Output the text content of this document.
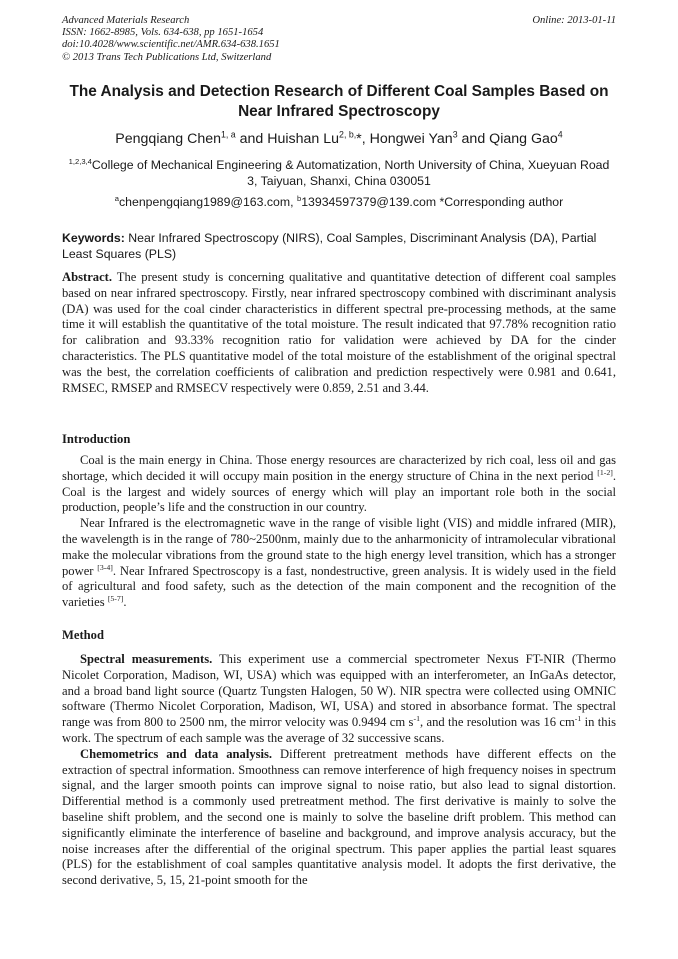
Advanced Materials Research
ISSN: 1662-8985, Vols. 634-638, pp 1651-1654
doi:10.4028/www.scientific.net/AMR.634-638.1651
© 2013 Trans Tech Publications Ltd, Switzerland
Online: 2013-01-11
The Analysis and Detection Research of Different Coal Samples Based on Near Infrared Spectroscopy
Pengqiang Chen$^{1, a}$ and Huishan $Lu^{2, b,}*$, Hongwei Yan$^3$ and Qiang Gao$^4$
$^{1,2,3,4}$College of Mechanical Engineering & Automatization, North University of China, Xueyuan Road 3, Taiyuan, Shanxi, China 030051
$^a$chenpengqiang1989@163.com, $^b$13934597379@139.com *Corresponding author
Keywords: Near Infrared Spectroscopy (NIRS), Coal Samples, Discriminant Analysis (DA), Partial Least Squares (PLS)

Abstract. The present study is concerning qualitative and quantitative detection of different coal samples based on near infrared spectroscopy. Firstly, near infrared spectroscopy combined with discriminant analysis (DA) was used for the coal cinder characteristics in different spectral pre-processing methods, at the same time it will establish the quantitative of the total moisture. The result indicated that 97.78% recognition ratio for calibration and 93.33% recognition ratio for validation were achieved by DA for the cinder characteristics. The PLS quantitative model of the total moisture of the establishment of the original spectral was the best, the correlation coefficients of calibration and prediction respectively were 0.981 and 0.641, RMSEC, RMSEP and RMSECV respectively were 0.859, 2.51 and 3.44.

Introduction

Coal is the main energy in China. Those energy resources are characterized by rich coal, less oil and gas shortage, which decided it will occupy main position in the energy structure of China in the next period [1-2]. Coal is the largest and widely sources of energy which will play an important role both in the social production, people’s life and the construction in our country.

Near Infrared is the electromagnetic wave in the range of visible light (VIS) and middle infrared (MIR), the wavelength is in the range of 780~2500nm, mainly due to the anharmonicity of intramolecular vibrational make the molecular vibrations from the ground state to the high energy level transition, which has a stronger power [3-4]. Near Infrared Spectroscopy is a fast, nondestructive, green analysis. It is widely used in the field of agricultural and food safety, such as the detection of the main component and the recognition of the varieties [5-7].

Method

Spectral measurements. This experiment use a commercial spectrometer Nexus FT-NIR (Thermo Nicolet Corporation, Madison, WI, USA) which was equipped with an interferometer, an InGaAs detector, and a broad band light source (Quartz Tungsten Halogen, 50 W). NIR spectra were collected using OMNIC software (Thermo Nicolet Corporation, Madison, WI, USA) and stored in absorbance format. The spectral range was from 800 to 2500 nm, the mirror velocity was 0.9494 cm $s^{-1}$, and the resolution was 16 $cm^{-1}$ in this work. The spectrum of each sample was the average of 32 successive scans.

Chemometrics and data analysis. Different pretreatment methods have different effects on the extraction of spectral information. Smoothness can remove interference of high frequency noises in spectrum signal, and the larger smooth points can improve signal to noise ratio, but also lead to signal distortion. Differential method is a commonly used pretreatment method. The first derivative is mainly to solve the baseline shift problem, and the second one is mainly to solve the baseline drift problem. This method can significantly eliminate the interference of baseline and background, and improve analysis accuracy, but the noise increases after the differential of the original spectrum. This paper applies the partial least squares (PLS) for the establishment of coal samples quantitative analysis model. It adopts the first derivative, the second derivative, 5, 15, 21-point smooth for the
